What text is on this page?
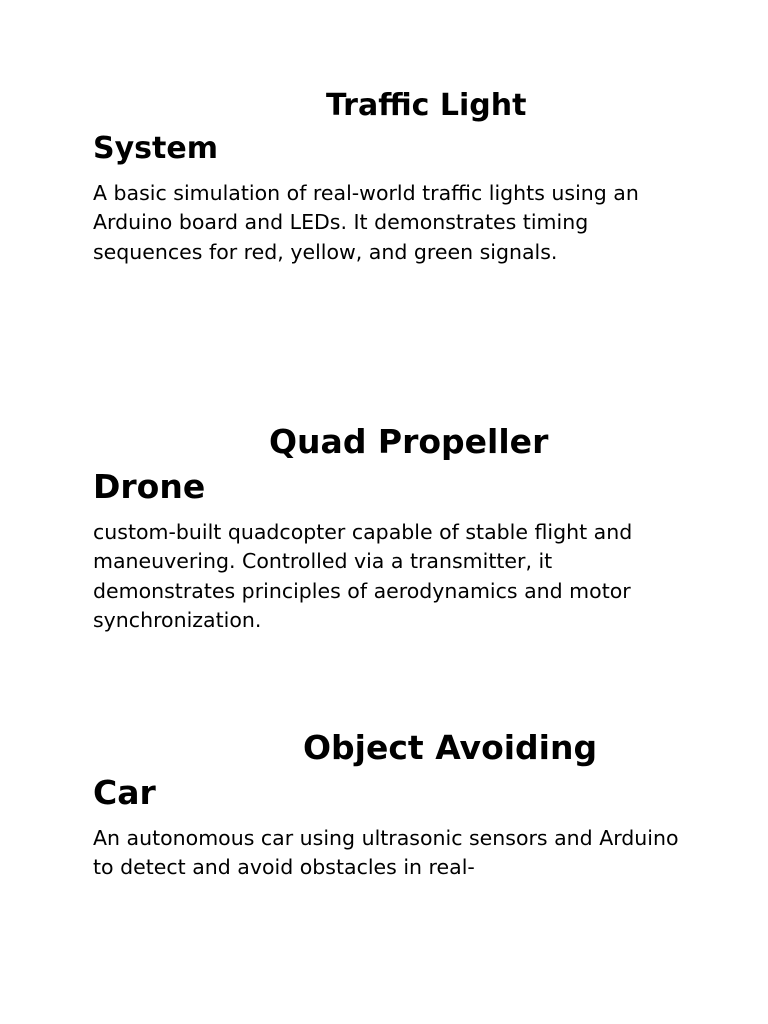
Traffic Light
System

A basic simulation of real-world traffic lights using an Arduino board and LEDs. It demonstrates timing sequences for red, yellow, and green signals.

Quad Propeller
Drone

custom-built quadcopter capable of stable flight and maneuvering. Controlled via a transmitter, it demonstrates principles of aerodynamics and motor synchronization.

Object Avoiding
Car

An autonomous car using ultrasonic sensors and Arduino to detect and avoid obstacles in real-
